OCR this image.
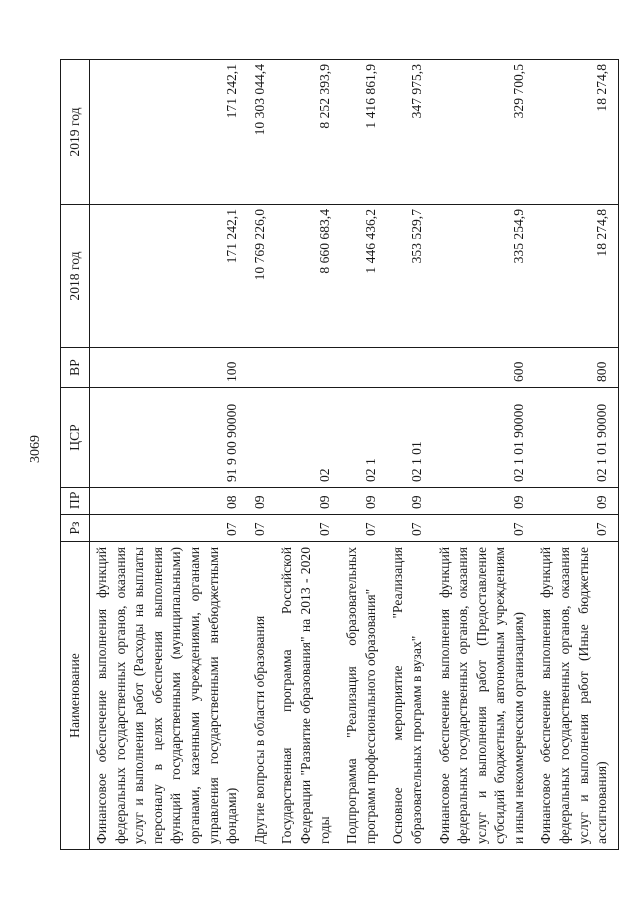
3069
Наименование	Рз	ПР	ЦСР	ВР	2018 год	2019 год
Финансовое обеспечение выполнения функций федеральных государственных органов, оказания услуг и выполнения работ (Расходы на выплаты персоналу в целях обеспечения выполнения функций государственными (муниципальными) органами, казенными учреждениями, органами управления государственными внебюджетными фондами)	07	08	91 9 00 90000	100	171 242,1	171 242,1
Другие вопросы в области образования	07	09			10 769 226,0	10 303 044,4
Государственная программа Российской Федерации "Развитие образования" на 2013 - 2020 годы	07	09	02		8 660 683,4	8 252 393,9
Подпрограмма "Реализация образовательных программ профессионального образования"	07	09	02 1		1 446 436,2	1 416 861,9
Основное мероприятие "Реализация образовательных программ в вузах"	07	09	02 1 01		353 529,7	347 975,3
Финансовое обеспечение выполнения функций федеральных государственных органов, оказания услуг и выполнения работ (Предоставление субсидий бюджетным, автономным учреждениям и иным некоммерческим организациям)	07	09	02 1 01 90000	600	335 254,9	329 700,5
Финансовое обеспечение выполнения функций федеральных государственных органов, оказания услуг и выполнения работ (Иные бюджетные ассигнования)	07	09	02 1 01 90000	800	18 274,8	18 274,8
